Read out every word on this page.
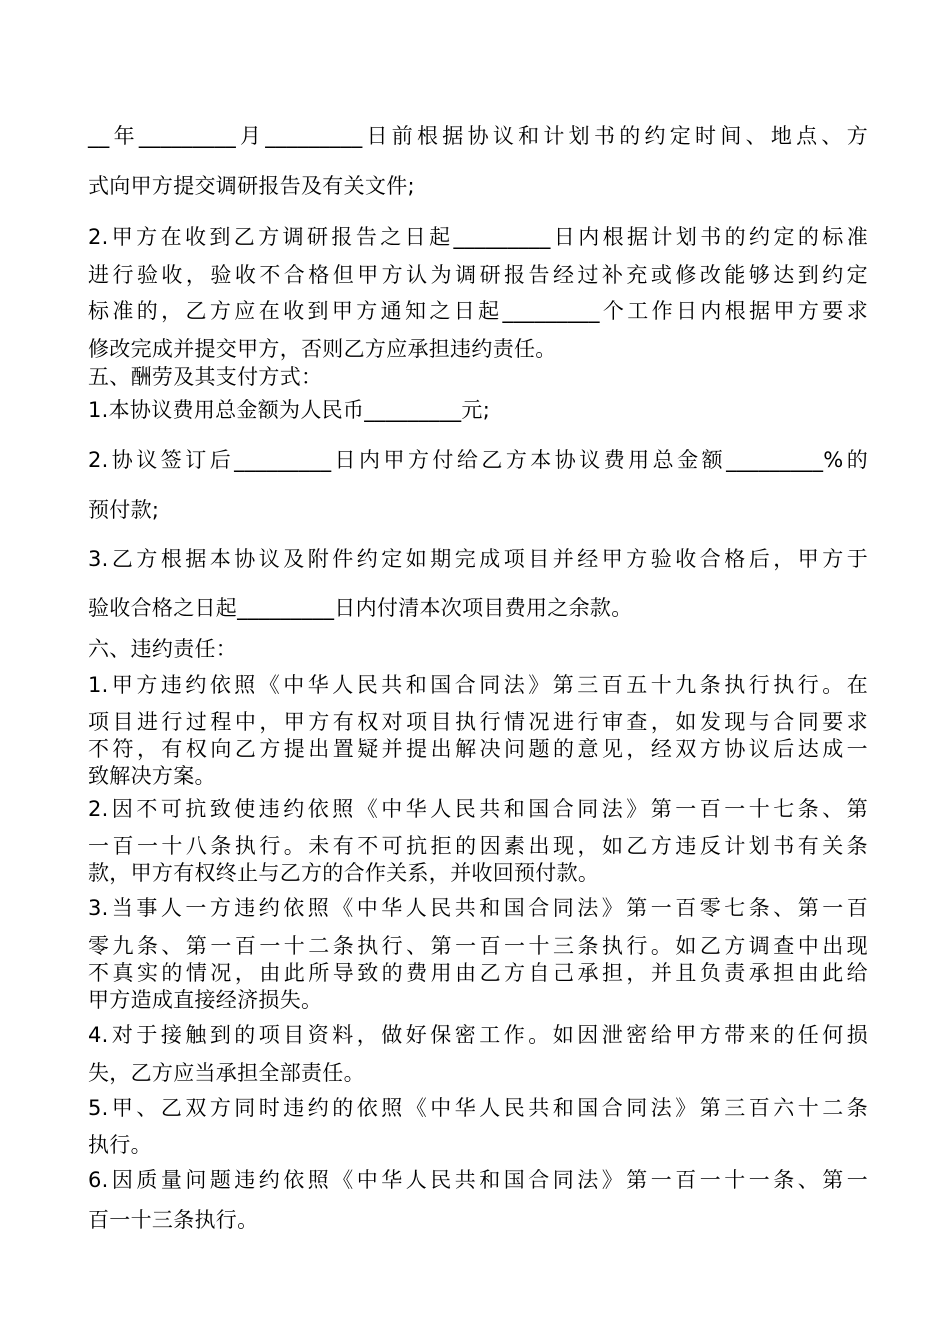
__年_________月_________日前根据协议和计划书的约定时间、地点、方
式向甲方提交调研报告及有关文件;
2.甲方在收到乙方调研报告之日起_________日内根据计划书的约定的标准
进行验收，验收不合格但甲方认为调研报告经过补充或修改能够达到约定
标准的，乙方应在收到甲方通知之日起_________个工作日内根据甲方要求
修改完成并提交甲方，否则乙方应承担违约责任。
五、酬劳及其支付方式：
1.本协议费用总金额为人民币_________元;
2.协议签订后_________日内甲方付给乙方本协议费用总金额_________%的
预付款;
3.乙方根据本协议及附件约定如期完成项目并经甲方验收合格后，甲方于
验收合格之日起_________日内付清本次项目费用之余款。
六、违约责任：
1.甲方违约依照《中华人民共和国合同法》第三百五十九条执行执行。在
项目进行过程中，甲方有权对项目执行情况进行审查，如发现与合同要求
不符，有权向乙方提出置疑并提出解决问题的意见，经双方协议后达成一
致解决方案。
2.因不可抗致使违约依照《中华人民共和国合同法》第一百一十七条、第
一百一十八条执行。未有不可抗拒的因素出现，如乙方违反计划书有关条
款，甲方有权终止与乙方的合作关系，并收回预付款。
3.当事人一方违约依照《中华人民共和国合同法》第一百零七条、第一百
零九条、第一百一十二条执行、第一百一十三条执行。如乙方调查中出现
不真实的情况，由此所导致的费用由乙方自己承担，并且负责承担由此给
甲方造成直接经济损失。
4.对于接触到的项目资料，做好保密工作。如因泄密给甲方带来的任何损
失，乙方应当承担全部责任。
5.甲、乙双方同时违约的依照《中华人民共和国合同法》第三百六十二条
执行。
6.因质量问题违约依照《中华人民共和国合同法》第一百一十一条、第一
百一十三条执行。
